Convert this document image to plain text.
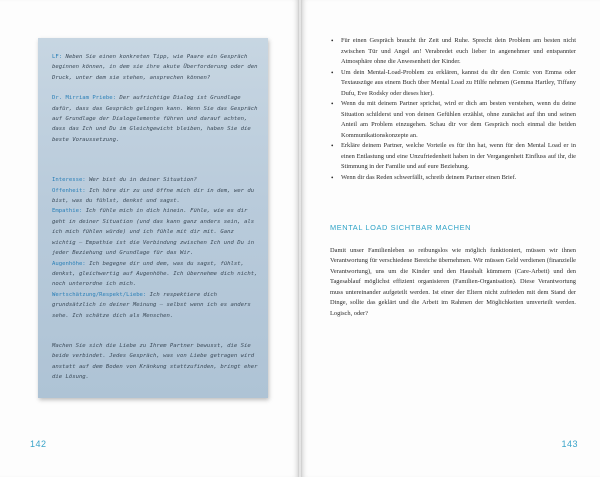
LF: Neben Sie einen konkreten Tipp, wie Paare ein Gespräch beginnen können, in dem sie ihre akute Überforderung oder den Druck, unter dem sie stehen, ansprechen können?

Dr. Mirriam Priebe: Der aufrichtige Dialog ist Grundlage dafür, dass das Gespräch gelingen kann. Wenn Sie das Gespräch auf Grundlage der Dialogelemente führen und darauf achten, dass das Ich und Du im Gleichgewicht bleiben, haben Sie die beste Voraussetzung.

Interesse: Wer bist du in deiner Situation?

Offenheit: Ich höre dir zu und öffne mich dir in dem, wer du bist, was du fühlst, denkst und sagst.

Empathie: Ich fühle mich in dich hinein. Fühle, wie es dir geht in deiner Situation (und das kann ganz anders sein, als ich mich fühlen würde) und ich fühle mit dir mit. Ganz wichtig – Empathie ist die Verbindung zwischen Ich und Du in jeder Beziehung und Grundlage für das Wir.

Augenhöhe: Ich begegne dir und dem, was du sagst, fühlst, denkst, gleichwertig auf Augenhöhe. Ich übernehme dich nicht, noch unterordne ich mich.

Wertschätzung/Respekt/Liebe: Ich respektiere dich grundsätzlich in deiner Meinung – selbst wenn ich es anders sehe. Ich schätze dich als Menschen.

Machen Sie sich die Liebe zu Ihrem Partner bewusst, die Sie beide verbindet. Jedes Gespräch, was von Liebe getragen wird anstatt auf dem Boden von Kränkung stattzufinden, bringt eher die Lösung.

142
• Für einen Gespräch braucht ihr Zeit und Ruhe. Sprecht dein Problem am besten nicht zwischen Tür und Angel an! Verabredet euch lieber in angenehmer und entspannter Atmosphäre ohne die Anwesenheit der Kinder.
• Um dein Mental-Load-Problem zu erklären, kannst du dir den Comic von Emma oder Textauszüge aus einem Buch über Mental Load zu Hilfe nehmen (Gemma Hartley, Tiffany Dufu, Eve Rodsky oder dieses hier).
• Wenn du mit deinem Partner sprichst, wird er dich am besten verstehen, wenn du deine Situation schilderst und von deinen Gefühlen erzählst, ohne zunächst auf ihn und seinen Anteil am Problem einzugehen. Schau dir vor dem Gespräch noch einmal die beiden Kommunikationskonzepte an.
• Erkläre deinem Partner, welche Vorteile es für ihn hat, wenn für den Mental Load er in einen Entlastung und eine Unzufriedenheit haben in der Vergangenheit Einfluss auf ihr, die Stimmung in der Familie und auf eure Beziehung.
• Wenn dir das Reden schwerfällt, schreib deinem Partner einen Brief.
MENTAL LOAD SICHTBAR MACHEN

Damit unser Familienleben so reibungslos wie möglich funktioniert, müssen wir ihnen Verantwortung für verschiedene Bereiche übernehmen. Wir müssen Geld verdienen (finanzielle Verantwortung), uns um die Kinder und den Haushalt kümmern (Care-Arbeit) und den Tagesablauf möglichst effizient organisieren (Familien-Organisation). Diese Verantwortung muss untereinander aufgeteilt werden. Ist einer der Eltern nicht zufrieden mit dem Stand der Dinge, sollte das geklärt und die Arbeit im Rahmen der Möglichkeiten umverteilt werden. Logisch, oder?

143
